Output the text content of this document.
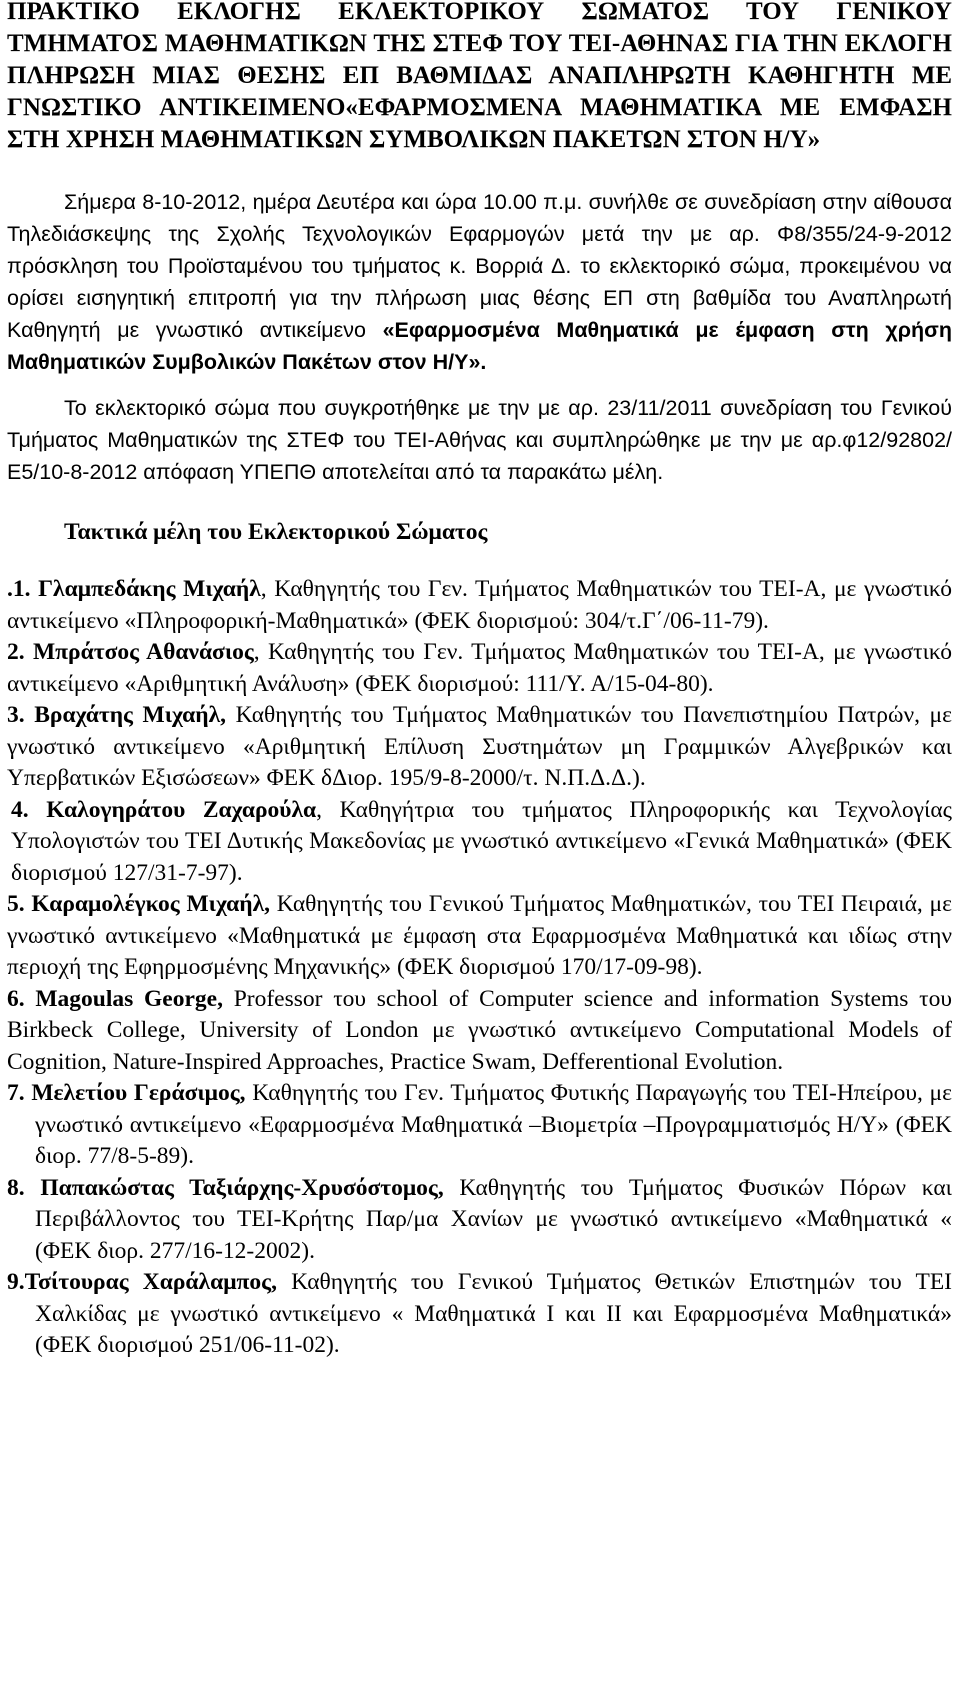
ΠΡΑΚΤΙΚΟ ΕΚΛΟΓΗΣ ΕΚΛΕΚΤΟΡΙΚΟΥ ΣΩΜΑΤΟΣ ΤΟΥ ΓΕΝΙΚΟΥ ΤΜΗΜΑΤΟΣ ΜΑΘΗΜΑΤΙΚΩΝ ΤΗΣ ΣΤΕΦ ΤΟΥ ΤΕΙ-ΑΘΗΝΑΣ ΓΙΑ ΤΗΝ ΕΚΛΟΓΗ ΠΛΗΡΩΣΗ ΜΙΑΣ ΘΕΣΗΣ ΕΠ ΒΑΘΜΙΔΑΣ ΑΝΑΠΛΗΡΩΤΗ ΚΑΘΗΓΗΤΗ ΜΕ ΓΝΩΣΤΙΚΟ ΑΝΤΙΚΕΙΜΕΝΟ«ΕΦΑΡΜΟΣΜΕΝΑ ΜΑΘΗΜΑΤΙΚΑ ΜΕ ΕΜΦΑΣΗ ΣΤΗ ΧΡΗΣΗ ΜΑΘΗΜΑΤΙΚΩΝ ΣΥΜΒΟΛΙΚΩΝ ΠΑΚΕΤΩΝ ΣΤΟΝ Η/Υ»

Σήμερα 8-10-2012, ημέρα Δευτέρα και ώρα 10.00 π.μ. συνήλθε σε συνεδρίαση στην αίθουσα Τηλεδιάσκεψης της Σχολής Τεχνολογικών Εφαρμογών μετά την με αρ. Φ8/355/24-9-2012 πρόσκληση του Προϊσταμένου του τμήματος κ. Βορριά Δ. το εκλεκτορικό σώμα, προκειμένου να ορίσει εισηγητική επιτροπή για την πλήρωση μιας θέσης ΕΠ στη βαθμίδα του Αναπληρωτή Καθηγητή με γνωστικό αντικείμενο «Εφαρμοσμένα Μαθηματικά με έμφαση στη χρήση Μαθηματικών Συμβολικών Πακέτων στον Η/Υ».

Το εκλεκτορικό σώμα που συγκροτήθηκε με την με αρ. 23/11/2011 συνεδρίαση του Γενικού Τμήματος Μαθηματικών της ΣΤΕΦ του ΤΕΙ-Αθήνας και συμπληρώθηκε με την με αρ.φ12/92802/Ε5/10-8-2012 απόφαση ΥΠΕΠΘ αποτελείται από τα παρακάτω μέλη.

Τακτικά μέλη του Εκλεκτορικού Σώματος

.1. Γλαμπεδάκης Μιχαήλ, Καθηγητής του Γεν. Τμήματος Μαθηματικών του ΤΕΙ-Α, με γνωστικό αντικείμενο «Πληροφορική-Μαθηματικά» (ΦΕΚ διορισμού: 304/τ.Γ΄/06-11-79).

2. Μπράτσος Αθανάσιος, Καθηγητής του Γεν. Τμήματος Μαθηματικών του ΤΕΙ-Α, με γνωστικό αντικείμενο «Αριθμητική Ανάλυση» (ΦΕΚ διορισμού: 111/Υ. Α/15-04-80).

3. Βραχάτης Μιχαήλ, Καθηγητής του Τμήματος Μαθηματικών του Πανεπιστημίου Πατρών, με γνωστικό αντικείμενο «Αριθμητική Επίλυση Συστημάτων μη Γραμμικών Αλγεβρικών και Υπερβατικών Εξισώσεων» ΦΕΚ δΔιορ. 195/9-8-2000/τ. Ν.Π.Δ.Δ.).

4. Καλογηράτου Ζαχαρούλα, Καθηγήτρια του τμήματος Πληροφορικής και Τεχνολογίας Υπολογιστών του ΤΕΙ Δυτικής Μακεδονίας με γνωστικό αντικείμενο «Γενικά Μαθηματικά» (ΦΕΚ διορισμού 127/31-7-97).

5. Καραμολέγκος Μιχαήλ, Καθηγητής του Γενικού Τμήματος Μαθηματικών, του ΤΕΙ Πειραιά, με γνωστικό αντικείμενο «Μαθηματικά με έμφαση στα Εφαρμοσμένα Μαθηματικά και ιδίως στην περιοχή της Εφηρμοσμένης Μηχανικής» (ΦΕΚ διορισμού 170/17-09-98).

6. Magoulas George, Professor του school of Computer science and information Systems του Birkbeck College, University of London με γνωστικό αντικείμενο Computational Models of Cognition, Nature-Inspired Approaches, Practice Swam, Defferentional Evolution.

7. Μελετίου Γεράσιμος, Καθηγητής του Γεν. Τμήματος Φυτικής Παραγωγής του ΤΕΙ-Ηπείρου, με γνωστικό αντικείμενο «Εφαρμοσμένα Μαθηματικά –Βιομετρία –Προγραμματισμός Η/Υ» (ΦΕΚ διορ. 77/8-5-89).

8. Παπακώστας Ταξιάρχης-Χρυσόστομος, Καθηγητής του Τμήματος Φυσικών Πόρων και Περιβάλλοντος του ΤΕΙ-Κρήτης Παρ/μα Χανίων με γνωστικό αντικείμενο «Μαθηματικά « (ΦΕΚ διορ. 277/16-12-2002).

9.Τσίτουρας Χαράλαμπος, Καθηγητής του Γενικού Τμήματος Θετικών Επιστημών του ΤΕΙ Χαλκίδας με γνωστικό αντικείμενο « Μαθηματικά Ι και ΙΙ και Εφαρμοσμένα Μαθηματικά» (ΦΕΚ διορισμού 251/06-11-02).
